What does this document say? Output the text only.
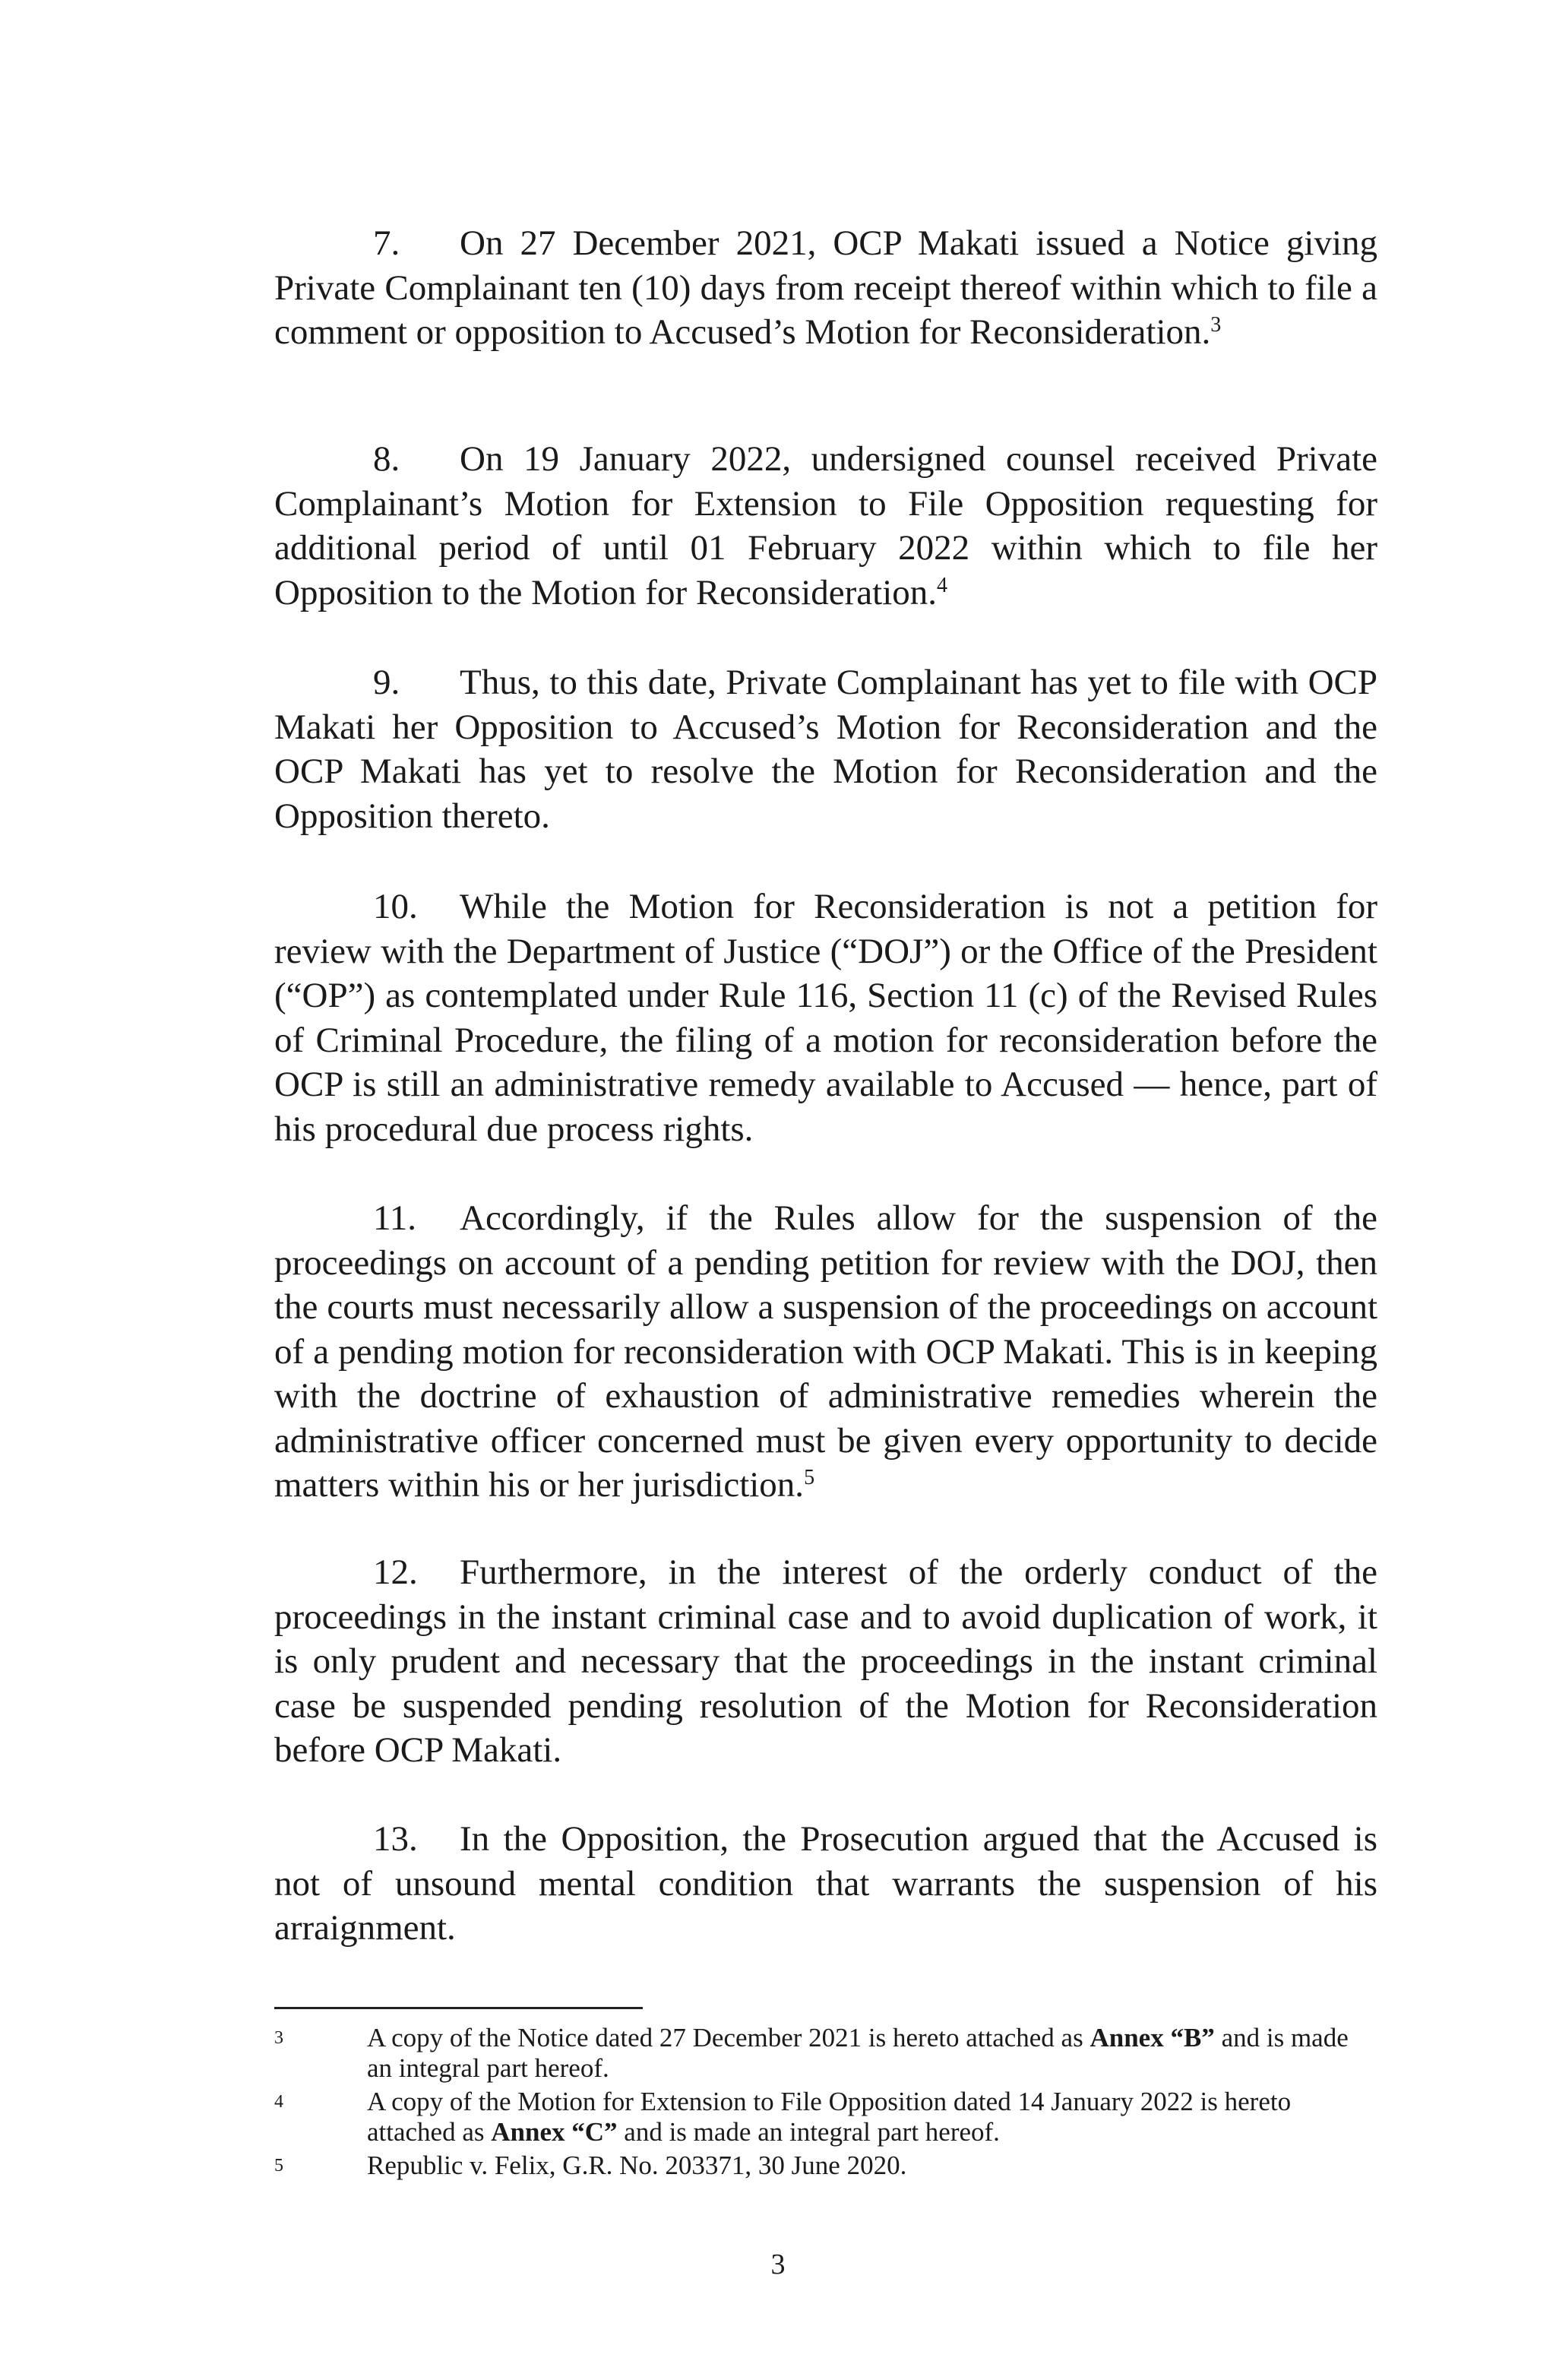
7. On 27 December 2021, OCP Makati issued a Notice giving Private Complainant ten (10) days from receipt thereof within which to file a comment or opposition to Accused’s Motion for Reconsideration.$^3$

8. On 19 January 2022, undersigned counsel received Private Complainant’s Motion for Extension to File Opposition requesting for additional period of until 01 February 2022 within which to file her Opposition to the Motion for Reconsideration.$^4$

9. Thus, to this date, Private Complainant has yet to file with OCP Makati her Opposition to Accused’s Motion for Reconsideration and the OCP Makati has yet to resolve the Motion for Reconsideration and the Opposition thereto.

10. While the Motion for Reconsideration is not a petition for review with the Department of Justice (“DOJ”) or the Office of the President (“OP”) as contemplated under Rule 116, Section 11 (c) of the Revised Rules of Criminal Procedure, the filing of a motion for reconsideration before the OCP is still an administrative remedy available to Accused — hence, part of his procedural due process rights.

11. Accordingly, if the Rules allow for the suspension of the proceedings on account of a pending petition for review with the DOJ, then the courts must necessarily allow a suspension of the proceedings on account of a pending motion for reconsideration with OCP Makati. This is in keeping with the doctrine of exhaustion of administrative remedies wherein the administrative officer concerned must be given every opportunity to decide matters within his or her jurisdiction.$^5$

12. Furthermore, in the interest of the orderly conduct of the proceedings in the instant criminal case and to avoid duplication of work, it is only prudent and necessary that the proceedings in the instant criminal case be suspended pending resolution of the Motion for Reconsideration before OCP Makati.

13. In the Opposition, the Prosecution argued that the Accused is not of unsound mental condition that warrants the suspension of his arraignment.

3	A copy of the Notice dated 27 December 2021 is hereto attached as Annex “B” and is made an integral part hereof.
4	A copy of the Motion for Extension to File Opposition dated 14 January 2022 is hereto attached as Annex “C” and is made an integral part hereof.
5	Republic v. Felix, G.R. No. 203371, 30 June 2020.
3
